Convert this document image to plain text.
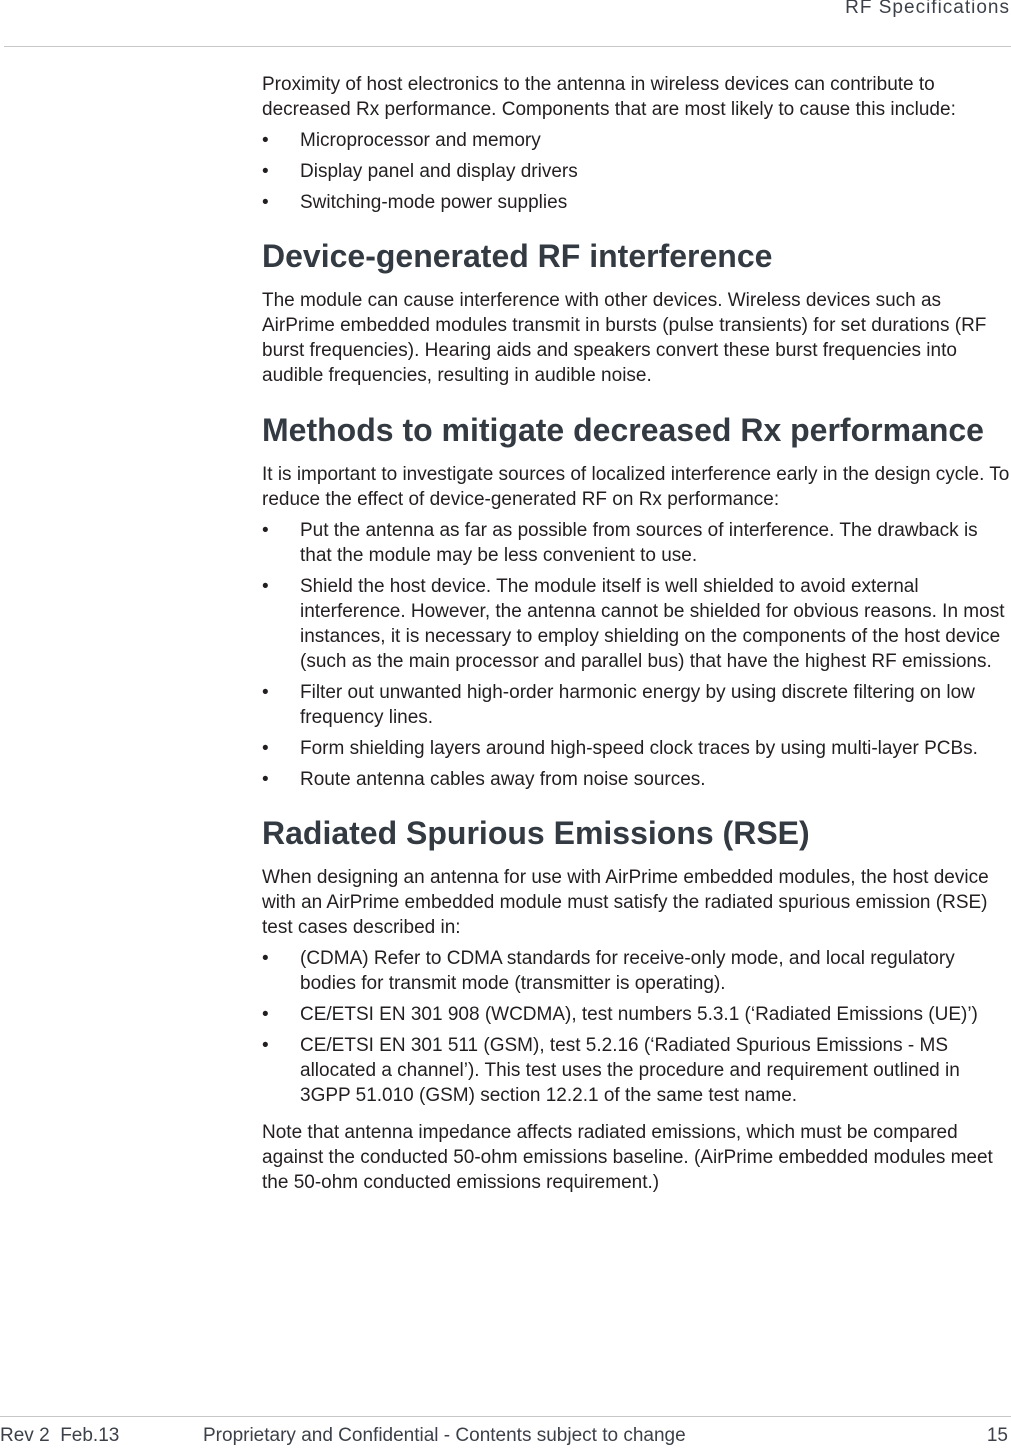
RF Specifications

Proximity of host electronics to the antenna in wireless devices can contribute to decreased Rx performance. Components that are most likely to cause this include:

• Microprocessor and memory
• Display panel and display drivers
• Switching-mode power supplies
Device-generated RF interference

The module can cause interference with other devices. Wireless devices such as AirPrime embedded modules transmit in bursts (pulse transients) for set durations (RF burst frequencies). Hearing aids and speakers convert these burst frequencies into audible frequencies, resulting in audible noise.

Methods to mitigate decreased Rx performance

It is important to investigate sources of localized interference early in the design cycle. To reduce the effect of device-generated RF on Rx performance:

• Put the antenna as far as possible from sources of interference. The drawback is that the module may be less convenient to use.
• Shield the host device. The module itself is well shielded to avoid external interference. However, the antenna cannot be shielded for obvious reasons. In most instances, it is necessary to employ shielding on the components of the host device (such as the main processor and parallel bus) that have the highest RF emissions.
• Filter out unwanted high-order harmonic energy by using discrete filtering on low frequency lines.
• Form shielding layers around high-speed clock traces by using multi-layer PCBs.
• Route antenna cables away from noise sources.
Radiated Spurious Emissions (RSE)

When designing an antenna for use with AirPrime embedded modules, the host device with an AirPrime embedded module must satisfy the radiated spurious emission (RSE) test cases described in:

• (CDMA) Refer to CDMA standards for receive-only mode, and local regulatory bodies for transmit mode (transmitter is operating).
• CE/ETSI EN 301 908 (WCDMA), test numbers 5.3.1 (‘Radiated Emissions (UE)’)
• CE/ETSI EN 301 511 (GSM), test 5.2.16 (‘Radiated Spurious Emissions - MS allocated a channel’). This test uses the procedure and requirement outlined in 3GPP 51.010 (GSM) section 12.2.1 of the same test name.

Note that antenna impedance affects radiated emissions, which must be compared against the conducted 50-ohm emissions baseline. (AirPrime embedded modules meet the 50-ohm conducted emissions requirement.)

Rev 2  Feb.13	Proprietary and Confidential - Contents subject to change	15
